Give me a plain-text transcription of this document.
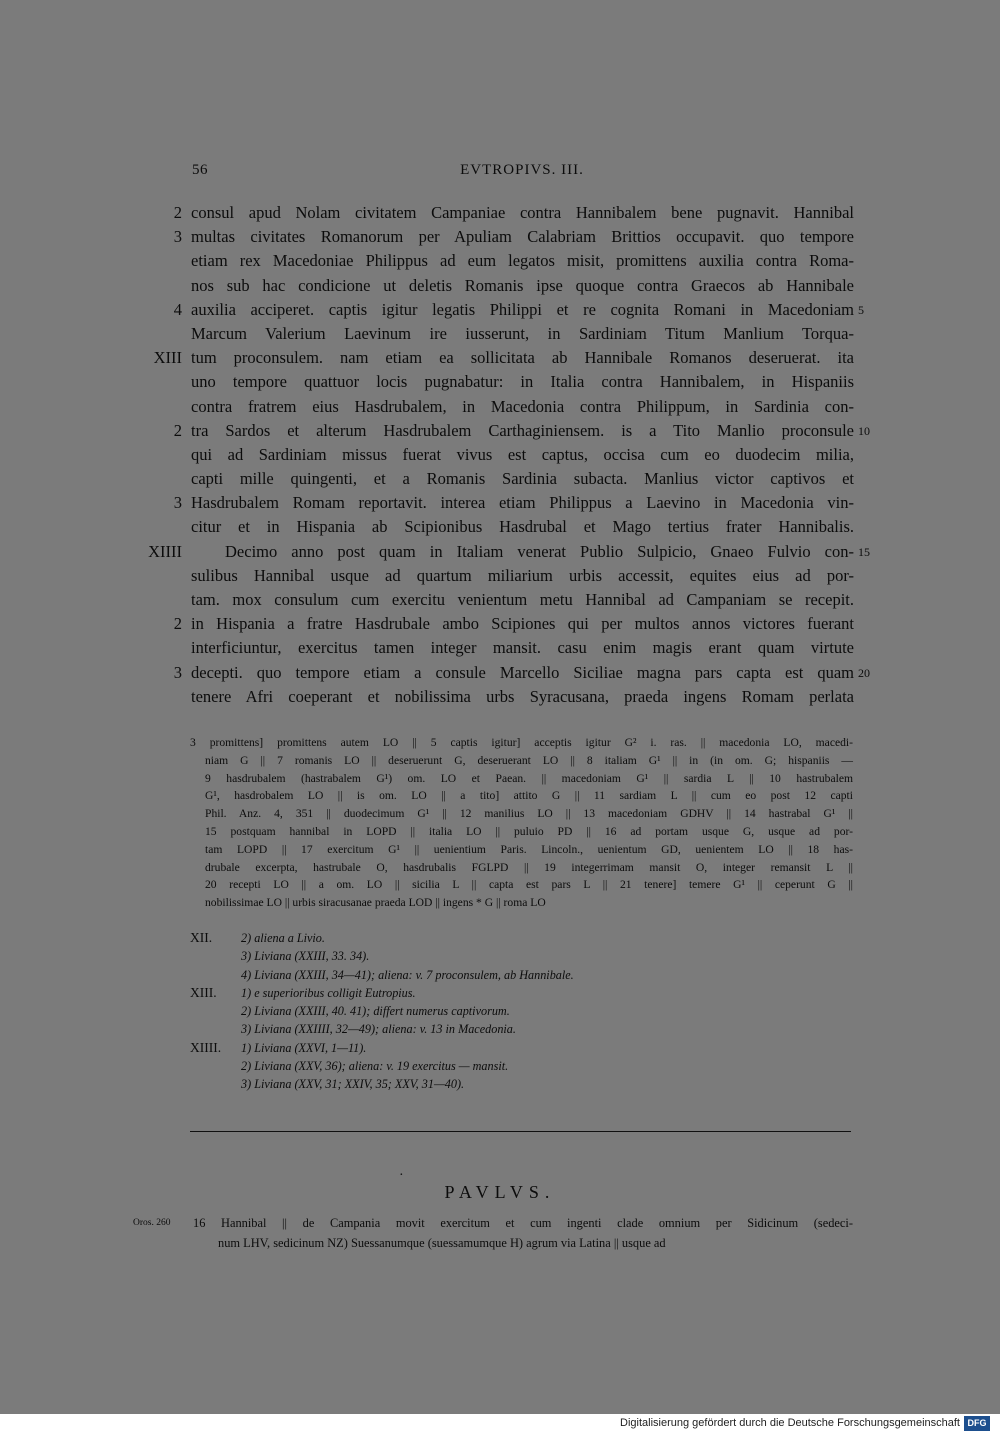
56	EVTROPIVS. III.
2 consul apud Nolam civitatem Campaniae contra Hannibalem bene pugnavit. Hannibal
3 multas civitates Romanorum per Apuliam Calabriam Brittios occupavit. quo tempore
etiam rex Macedoniae Philippus ad eum legatos misit, promittens auxilia contra Roma-
nos sub hac condicione ut deletis Romanis ipse quoque contra Graecos ab Hannibale
4 auxilia acciperet. captis igitur legatis Philippi et re cognita Romani in Macedoniam 5
Marcum Valerium Laevinum ire iusserunt, in Sardiniam Titum Manlium Torqua-
XIII tum proconsulem. nam etiam ea sollicitata ab Hannibale Romanos deseruerat. ita
uno tempore quattuor locis pugnabatur: in Italia contra Hannibalem, in Hispaniis
contra fratrem eius Hasdrubalem, in Macedonia contra Philippum, in Sardinia con-
2 tra Sardos et alterum Hasdrubalem Carthaginiensem. is a Tito Manlio proconsule 10
qui ad Sardiniam missus fuerat vivus est captus, occisa cum eo duodecim milia,
capti mille quingenti, et a Romanis Sardinia subacta. Manlius victor captivos et
3 Hasdrubalem Romam reportavit. interea etiam Philippus a Laevino in Macedonia vin-
citur et in Hispania ab Scipionibus Hasdrubal et Mago tertius frater Hannibalis.
XIIII	Decimo anno post quam in Italiam venerat Publio Sulpicio, Gnaeo Fulvio con- 15
sulibus Hannibal usque ad quartum miliarium urbis accessit, equites eius ad por-
tam. mox consulum cum exercitu venientum metu Hannibal ad Campaniam se recepit.
2 in Hispania a fratre Hasdrubale ambo Scipiones qui per multos annos victores fuerant
interficiuntur, exercitus tamen integer mansit. casu enim magis erant quam virtute
3 decepti. quo tempore etiam a consule Marcello Siciliae magna pars capta est quam 20
tenere Afri coeperant et nobilissima urbs Syracusana, praeda ingens Romam perlata
3 promittens] promittens autem LO || 5 captis igitur] acceptis igitur G² i. ras. || macedonia LO, macedi-
niam G || 7 romanis LO || deseruerunt G, deseruerant LO || 8 italiam G¹ || in (in om. G; hispaniis —
9 hasdrubalem (hastrabalem G¹) om. LO et Paean. || macedoniam G¹ || sardia L || 10 hastrubalem
G¹, hasdrobalem LO || is om. LO || a tito] attito G || 11 sardiam L || cum eo post 12 capti
Phil. Anz. 4, 351 || duodecimum G¹ || 12 manilius LO || 13 macedoniam GDHV || 14 hastrabal G¹ ||
15 postquam hannibal in LOPD || italia LO || puluio PD || 16 ad portam usque G, usque ad por-
tam LOPD || 17 exercitum G¹ || uenientium Paris. Lincoln., uenientum GD, uenientem LO || 18 has-
drubale excerpta, hastrubale O, hasdrubalis FGLPD || 19 integerrimam mansit O, integer remansit L ||
20 recepti LO || a om. LO || sicilia L || capta est pars L || 21 tenere] temere G¹ || ceperunt G ||
nobilissimae LO || urbis siracusanae praeda LOD || ingens * G || roma LO
XII. 2) aliena a Livio.
3) Liviana (XXIII, 33. 34).
4) Liviana (XXIII, 34—41); aliena: v. 7 proconsulem, ab Hannibale.
XIII. 1) e superioribus colligit Eutropius.
2) Liviana (XXIII, 40. 41); differt numerus captivorum.
3) Liviana (XXIIII, 32—49); aliena: v. 13 in Macedonia.
XIIII. 1) Liviana (XXVI, 1—11).
2) Liviana (XXV, 36); aliena: v. 19 exercitus — mansit.
3) Liviana (XXV, 31; XXIV, 35; XXV, 31—40).
·
PAVLVS.
Oros. 260 16 Hannibal || de Campania movit exercitum et cum ingenti clade omnium per Sidicinum (sedeci-
num LHV, sedicinum NZ) Suessanumque (suessamumque H) agrum via Latina || usque ad
Digitalisierung gefördert durch die Deutsche Forschungsgemeinschaft DFG
